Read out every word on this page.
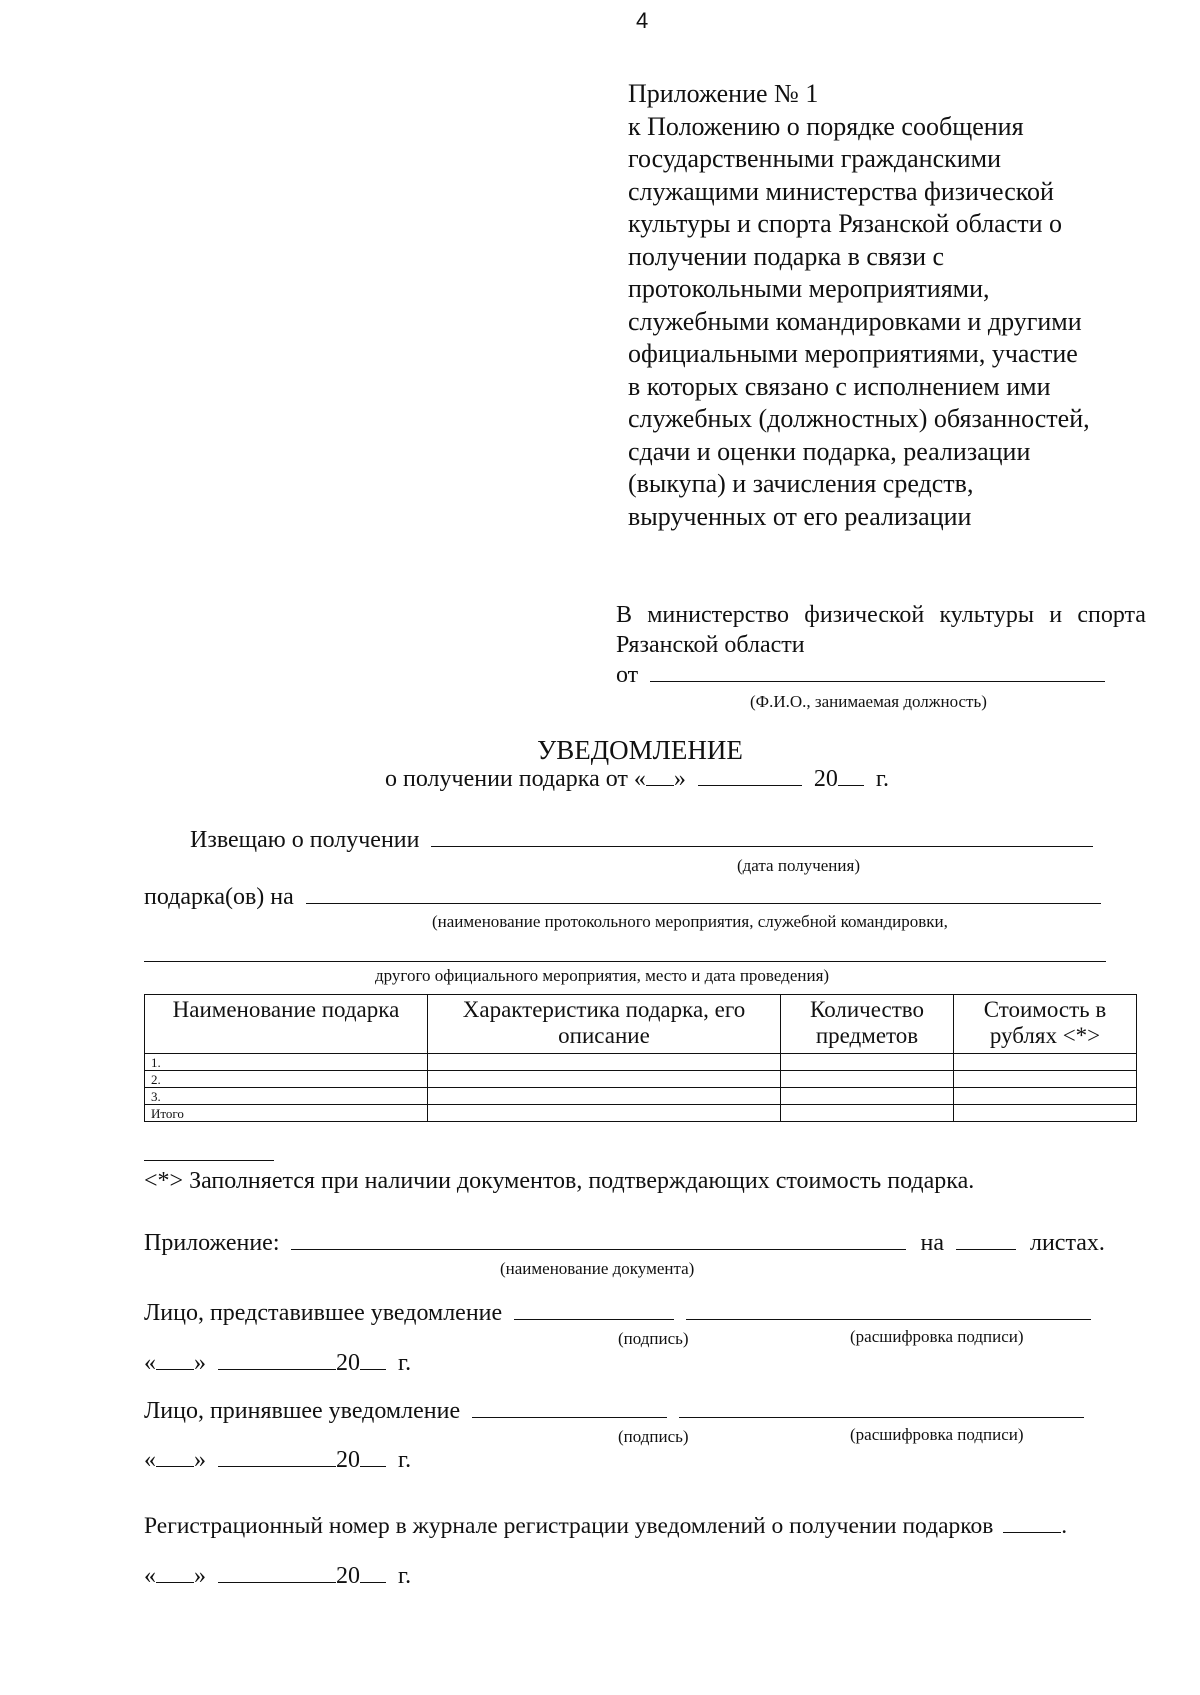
4
Приложение № 1
к Положению о порядке сообщения
государственными гражданскими
служащими министерства физической
культуры и спорта Рязанской области о
получении подарка в связи с
протокольными мероприятиями,
служебными командировками и другими
официальными мероприятиями, участие
в которых связано с исполнением ими
служебных (должностных) обязанностей,
сдачи и оценки подарка, реализации
(выкупа) и зачисления средств,
вырученных от его реализации
В министерство физической культуры и спорта
Рязанской области
от
(Ф.И.О., занимаемая должность)
УВЕДОМЛЕНИЕ
о получении подарка от « »	20 г.
Извещаю о получении
(дата получения)
подарка(ов) на
(наименование протокольного мероприятия, служебной командировки,
другого официального мероприятия, место и дата проведения)
Наименование подарка	Характеристика подарка, его описание	Количество предметов	Стоимость в рублях <*>
1.			
2.			
3.			
Итого			
<*> Заполняется при наличии документов, подтверждающих стоимость подарка.
Приложение:	на	листах.
(наименование документа)
Лицо, представившее уведомление
(подпись)	(расшифровка подписи)
« »	20 г.
Лицо, принявшее уведомление
(подпись)	(расшифровка подписи)
« »	20 г.
Регистрационный номер в журнале регистрации уведомлений о получении подарков	.
« »	20 г.
